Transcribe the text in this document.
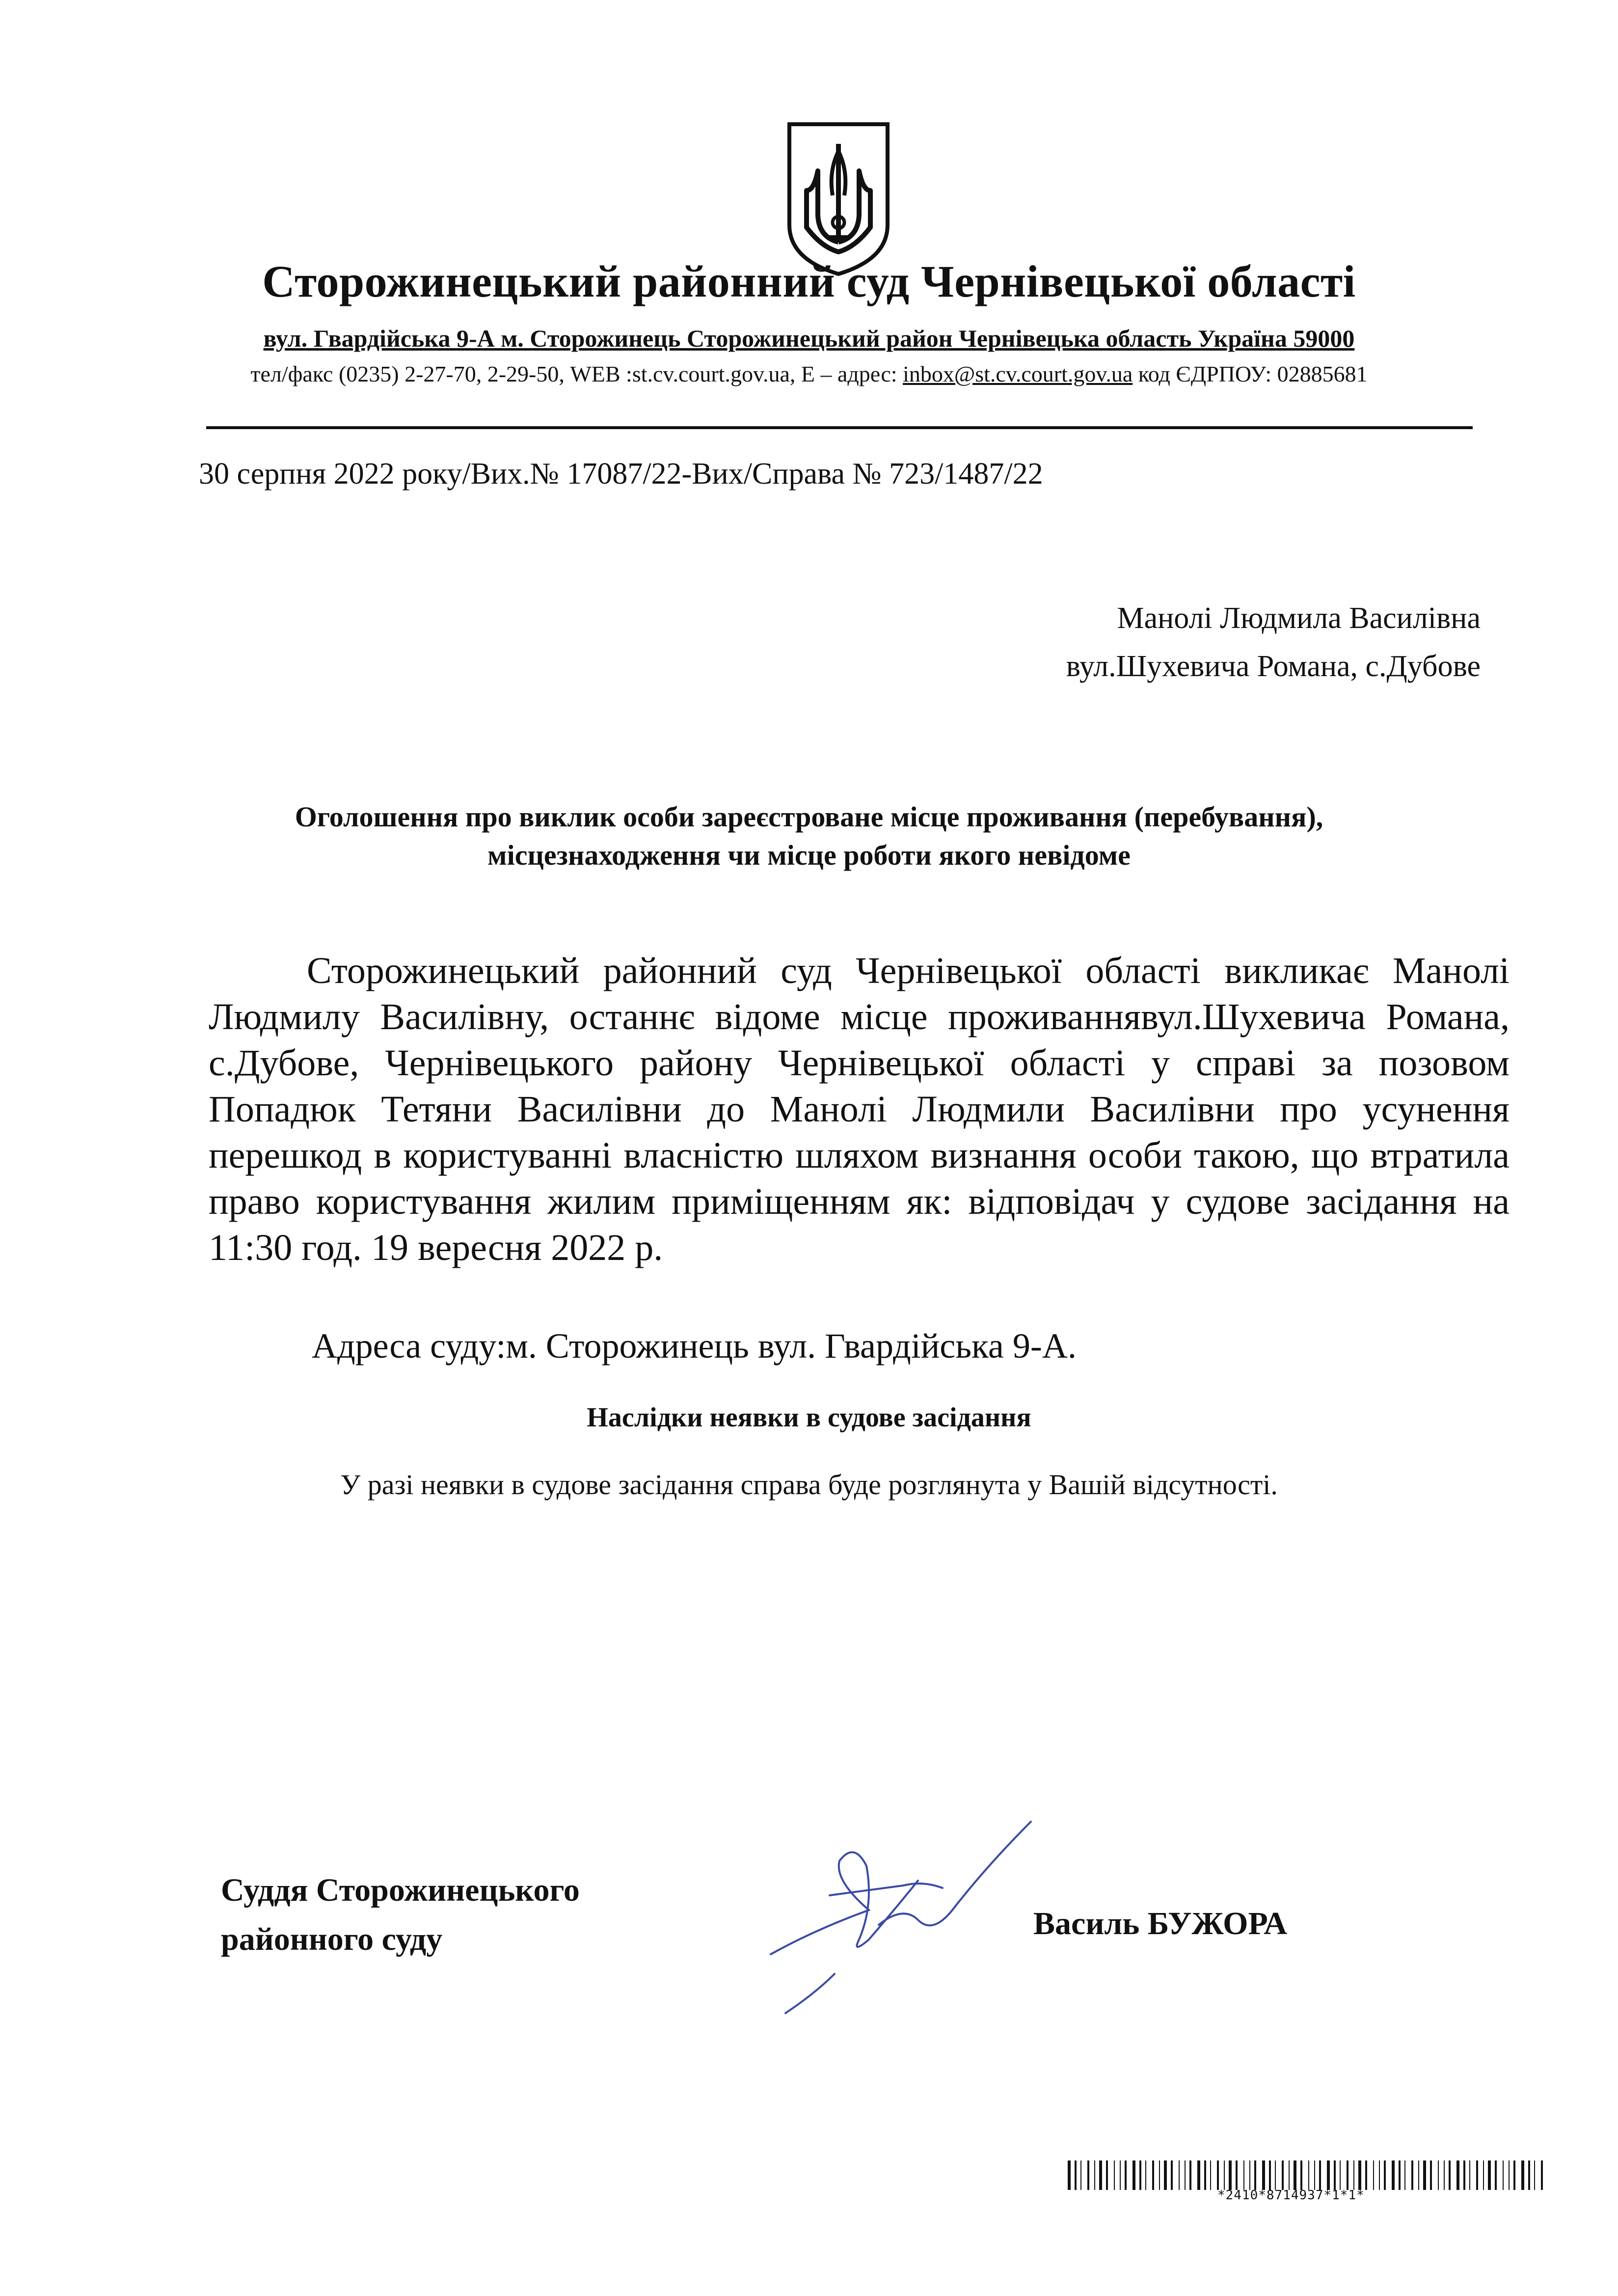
Сторожинецький районний суд Чернівецької області
вул. Гвардійська 9-А м. Сторожинець Сторожинецький район Чернівецька область Україна 59000
тел/факс (0235) 2-27-70, 2-29-50, WEB :st.cv.court.gov.ua, Е – адрес: inbox@st.cv.court.gov.ua код ЄДРПОУ: 02885681
30 серпня 2022 року/Вих.№ 17087/22-Вих/Справа № 723/1487/22
Манолі Людмила Василівна
вул.Шухевича Романа, с.Дубове
Оголошення про виклик особи зареєстроване місце проживання (перебування),
місцезнаходження чи місце роботи якого невідоме

Сторожинецький районний суд Чернівецької області викликає Манолі Людмилу Василівну, останнє відоме місце проживаннявул.Шухевича Романа, с.Дубове, Чернівецького району Чернівецької області у справі за позовом Попадюк Тетяни Василівни до Манолі Людмили Василівни про усунення перешкод в користуванні власністю шляхом визнання особи такою, що втратила право користування жилим приміщенням як: відповідач у судове засідання на 11:30 год. 19 вересня 2022 р.

Адреса суду:м. Сторожинець вул. Гвардійська 9-А.
Наслідки неявки в судове засідання
У разі неявки в судове засідання справа буде розглянута у Вашій відсутності.
Суддя Сторожинецького
районного суду	Василь БУЖОРА
*2410*8714937*1*1*
